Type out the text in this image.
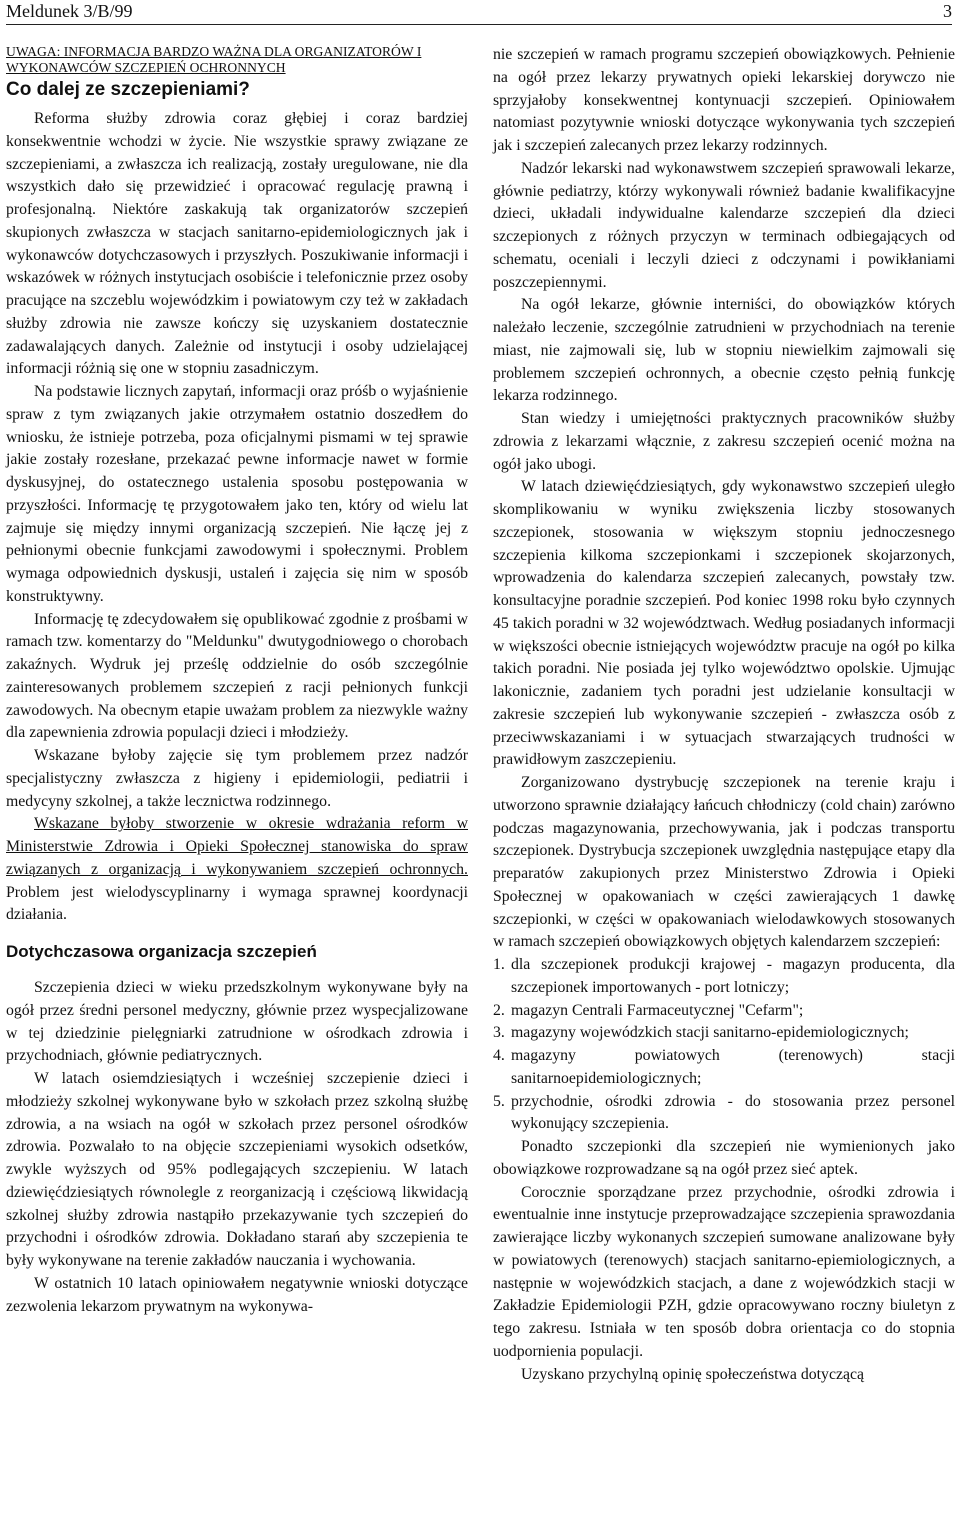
Meldunek 3/B/99	3

UWAGA: INFORMACJA BARDZO WAŻNA DLA ORGANIZATORÓW I WYKONAWCÓW SZCZEPIEŃ OCHRONNYCH

Co dalej ze szczepieniami?

Reforma służby zdrowia coraz głębiej i coraz bardziej konsekwentnie wchodzi w życie. Nie wszystkie sprawy związane ze szczepieniami, a zwłaszcza ich realizacją, zostały uregulowane, nie dla wszystkich dało się przewidzieć i opracować regulację prawną i profesjonalną. Niektóre zaskakują tak organizatorów szczepień skupionych zwłaszcza w stacjach sanitarno-epidemiologicznych jak i wykonawców dotychczasowych i przyszłych. Poszukiwanie informacji i wskazówek w różnych instytucjach osobiście i telefonicznie przez osoby pracujące na szczeblu wojewódzkim i powiatowym czy też w zakładach służby zdrowia nie zawsze kończy się uzyskaniem dostatecznie zadawalających danych. Zależnie od instytucji i osoby udzielającej informacji różnią się one w stopniu zasadniczym.

Na podstawie licznych zapytań, informacji oraz próśb o wyjaśnienie spraw z tym związanych jakie otrzymałem ostatnio doszedłem do wniosku, że istnieje potrzeba, poza oficjalnymi pismami w tej sprawie jakie zostały rozesłane, przekazać pewne informacje nawet w formie dyskusyjnej, do ostatecznego ustalenia sposobu postępowania w przyszłości. Informację tę przygotowałem jako ten, który od wielu lat zajmuje się między innymi organizacją szczepień. Nie łączę jej z pełnionymi obecnie funkcjami zawodowymi i społecznymi. Problem wymaga odpowiednich dyskusji, ustaleń i zajęcia się nim w sposób konstruktywny.

Informację tę zdecydowałem się opublikować zgodnie z prośbami w ramach tzw. komentarzy do "Meldunku" dwutygodniowego o chorobach zakaźnych. Wydruk jej prześlę oddzielnie do osób szczególnie zainteresowanych problemem szczepień z racji pełnionych funkcji zawodowych. Na obecnym etapie uważam problem za niezwykle ważny dla zapewnienia zdrowia populacji dzieci i młodzieży.

Wskazane byłoby zajęcie się tym problemem przez nadzór specjalistyczny zwłaszcza z higieny i epidemiologii, pediatrii i medycyny szkolnej, a także lecznictwa rodzinnego.

Wskazane byłoby stworzenie w okresie wdrażania reform w Ministerstwie Zdrowia i Opieki Społecznej stanowiska do spraw związanych z organizacją i wykonywaniem szczepień ochronnych. Problem jest wielodyscyplinarny i wymaga sprawnej koordynacji działania.

Dotychczasowa organizacja szczepień

Szczepienia dzieci w wieku przedszkolnym wykonywane były na ogół przez średni personel medyczny, głównie przez wyspecjalizowane w tej dziedzinie pielęgniarki zatrudnione w ośrodkach zdrowia i przychodniach, głównie pediatrycznych.

W latach osiemdziesiątych i wcześniej szczepienie dzieci i młodzieży szkolnej wykonywane było w szkołach przez szkolną służbę zdrowia, a na wsiach na ogół w szkołach przez personel ośrodków zdrowia. Pozwalało to na objęcie szczepieniami wysokich odsetków, zwykle wyższych od 95% podlegających szczepieniu. W latach dziewięćdziesiątych równolegle z reorganizacją i częściową likwidacją szkolnej służby zdrowia nastąpiło przekazywanie tych szczepień do przychodni i ośrodków zdrowia. Dokładano starań aby szczepienia te były wykonywane na terenie zakładów nauczania i wychowania.

W ostatnich 10 latach opiniowałem negatywnie wnioski dotyczące zezwolenia lekarzom prywatnym na wykonywa-

nie szczepień w ramach programu szczepień obowiązkowych. Pełnienie na ogół przez lekarzy prywatnych opieki lekarskiej dorywczo nie sprzyjałoby konsekwentnej kontynuacji szczepień. Opiniowałem natomiast pozytywnie wnioski dotyczące wykonywania tych szczepień jak i szczepień zalecanych przez lekarzy rodzinnych.

Nadzór lekarski nad wykonawstwem szczepień sprawowali lekarze, głównie pediatrzy, którzy wykonywali również badanie kwalifikacyjne dzieci, układali indywidualne kalendarze szczepień dla dzieci szczepionych z różnych przyczyn w terminach odbiegających od schematu, oceniali i leczyli dzieci z odczynami i powikłaniami poszczepiennymi.

Na ogół lekarze, głównie interniści, do obowiązków których należało leczenie, szczególnie zatrudnieni w przychodniach na terenie miast, nie zajmowali się, lub w stopniu niewielkim zajmowali się problemem szczepień ochronnych, a obecnie często pełnią funkcję lekarza rodzinnego.

Stan wiedzy i umiejętności praktycznych pracowników służby zdrowia z lekarzami włącznie, z zakresu szczepień ocenić można na ogół jako ubogi.

W latach dziewięćdziesiątych, gdy wykonawstwo szczepień uległo skomplikowaniu w wyniku zwiększenia liczby stosowanych szczepionek, stosowania w większym stopniu jednoczesnego szczepienia kilkoma szczepionkami i szczepionek skojarzonych, wprowadzenia do kalendarza szczepień zalecanych, powstały tzw. konsultacyjne poradnie szczepień. Pod koniec 1998 roku było czynnych 45 takich poradni w 32 województwach. Według posiadanych informacji w większości obecnie istniejących województw pracuje na ogół po kilka takich poradni. Nie posiada jej tylko województwo opolskie. Ujmując lakonicznie, zadaniem tych poradni jest udzielanie konsultacji w zakresie szczepień lub wykonywanie szczepień - zwłaszcza osób z przeciwwskazaniami i w sytuacjach stwarzających trudności w prawidłowym zaszczepieniu.

Zorganizowano dystrybucję szczepionek na terenie kraju i utworzono sprawnie działający łańcuch chłodniczy (cold chain) zarówno podczas magazynowania, przechowywania, jak i podczas transportu szczepionek. Dystrybucja szczepionek uwzględnia następujące etapy dla preparatów zakupionych przez Ministerstwo Zdrowia i Opieki Społecznej w opakowaniach w części zawierających 1 dawkę szczepionki, w części w opakowaniach wielodawkowych stosowanych w ramach szczepień obowiązkowych objętych kalendarzem szczepień:

1. dla szczepionek produkcji krajowej - magazyn producenta, dla szczepionek importowanych - port lotniczy;
2. magazyn Centrali Farmaceutycznej "Cefarm";
3. magazyny wojewódzkich stacji sanitarno-epidemiologicznych;
4. magazyny powiatowych (terenowych) stacji sanitarnoepidemiologicznych;
5. przychodnie, ośrodki zdrowia - do stosowania przez personel wykonujący szczepienia.

Ponadto szczepionki dla szczepień nie wymienionych jako obowiązkowe rozprowadzane są na ogół przez sieć aptek.

Corocznie sporządzane przez przychodnie, ośrodki zdrowia i ewentualnie inne instytucje przeprowadzające szczepienia sprawozdania zawierające liczby wykonanych szczepień sumowane analizowane były w powiatowych (terenowych) stacjach sanitarno-epiemiologicznych, a następnie w wojewódzkich stacjach, a dane z wojewódzkich stacji w Zakładzie Epidemiologii PZH, gdzie opracowywano roczny biuletyn z tego zakresu. Istniała w ten sposób dobra orientacja co do stopnia uodpornienia populacji.

Uzyskano przychylną opinię społeczeństwa dotyczącą
